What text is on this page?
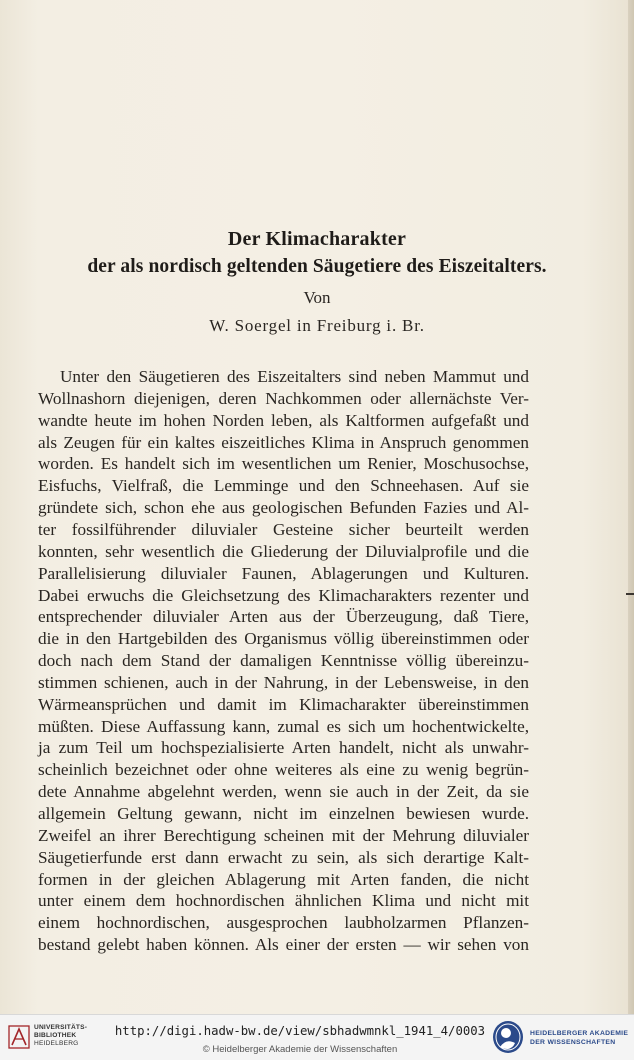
Der Klimacharakter
der als nordisch geltenden Säugetiere des Eiszeitalters.

Von

W. Soergel in Freiburg i. Br.

Unter den Säugetieren des Eiszeitalters sind neben Mammut und
Wollnashorn diejenigen, deren Nachkommen oder allernächste Ver-
wandte heute im hohen Norden leben, als Kaltformen aufgefaßt und
als Zeugen für ein kaltes eiszeitliches Klima in Anspruch genommen
worden. Es handelt sich im wesentlichen um Renier, Moschusochse,
Eisfuchs, Vielfraß, die Lemminge und den Schneehasen. Auf sie
gründete sich, schon ehe aus geologischen Befunden Fazies und Al-
ter fossilführender diluvialer Gesteine sicher beurteilt werden
konnten, sehr wesentlich die Gliederung der Diluvialprofile und die
Parallelisierung diluvialer Faunen, Ablagerungen und Kulturen.
Dabei erwuchs die Gleichsetzung des Klimacharakters rezenter und
entsprechender diluvialer Arten aus der Überzeugung, daß Tiere,
die in den Hartgebilden des Organismus völlig übereinstimmen oder
doch nach dem Stand der damaligen Kenntnisse völlig übereinzu-
stimmen schienen, auch in der Nahrung, in der Lebensweise, in den
Wärmeansprüchen und damit im Klimacharakter übereinstimmen
müßten. Diese Auffassung kann, zumal es sich um hochentwickelte,
ja zum Teil um hochspezialisierte Arten handelt, nicht als unwahr-
scheinlich bezeichnet oder ohne weiteres als eine zu wenig begrün-
dete Annahme abgelehnt werden, wenn sie auch in der Zeit, da sie
allgemein Geltung gewann, nicht im einzelnen bewiesen wurde.
Zweifel an ihrer Berechtigung scheinen mit der Mehrung diluvialer
Säugetierfunde erst dann erwacht zu sein, als sich derartige Kalt-
formen in der gleichen Ablagerung mit Arten fanden, die nicht
unter einem dem hochnordischen ähnlichen Klima und nicht mit
einem hochnordischen, ausgesprochen laubholzarmen Pflanzen-
bestand gelebt haben können. Als einer der ersten — wir sehen von
UNIVERSITÄTS-
BIBLIOTHEK
HEIDELBERG
http://digi.hadw-bw.de/view/sbhadwmnkl_1941_4/0003
© Heidelberger Akademie der Wissenschaften
HEIDELBERGER AKADEMIE
DER WISSENSCHAFTEN
